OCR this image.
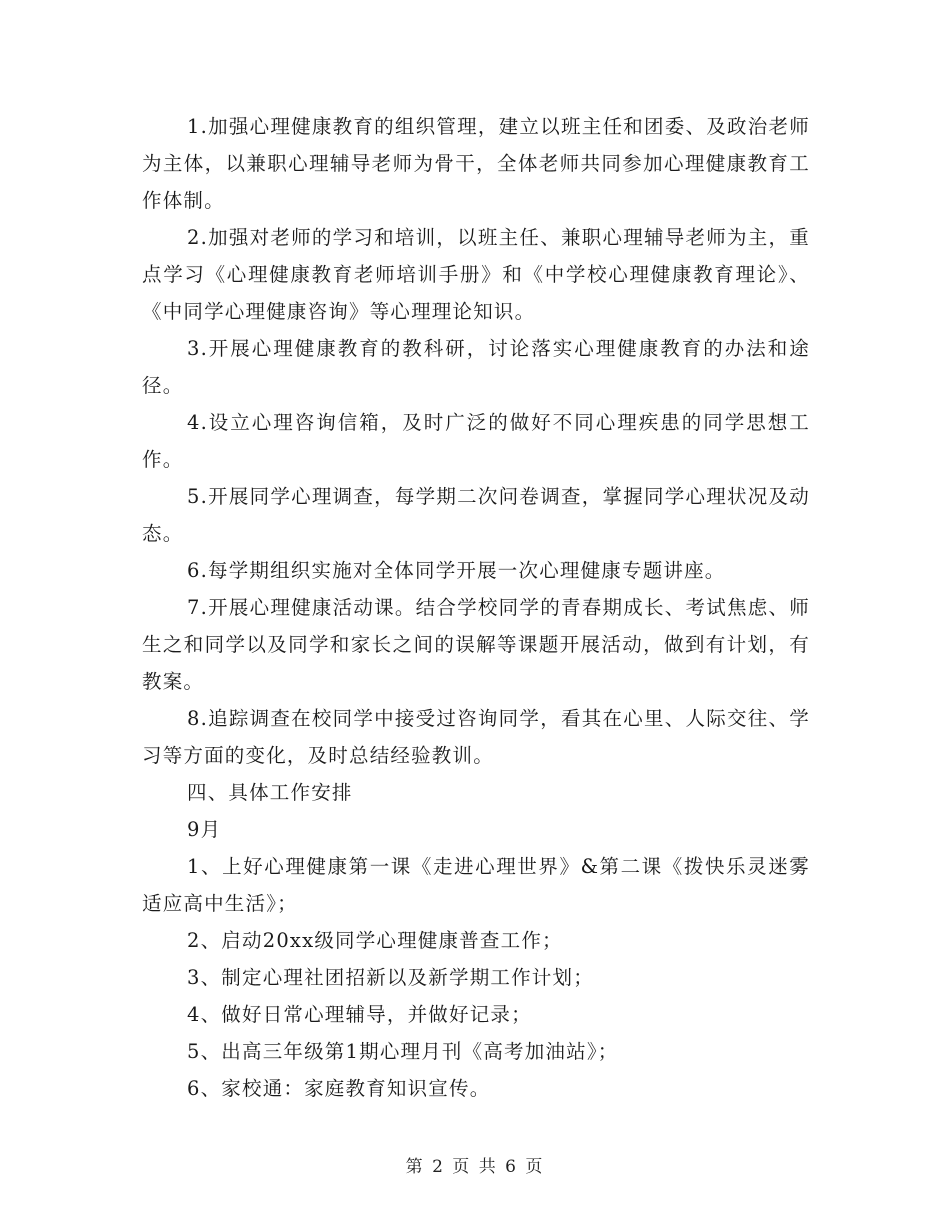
1.加强心理健康教育的组织管理，建立以班主任和团委、及政治老师为主体，以兼职心理辅导老师为骨干，全体老师共同参加心理健康教育工作体制。

2.加强对老师的学习和培训，以班主任、兼职心理辅导老师为主，重点学习《心理健康教育老师培训手册》和《中学校心理健康教育理论》、《中同学心理健康咨询》等心理理论知识。

3.开展心理健康教育的教科研，讨论落实心理健康教育的办法和途径。

4.设立心理咨询信箱，及时广泛的做好不同心理疾患的同学思想工作。

5.开展同学心理调查，每学期二次问卷调查，掌握同学心理状况及动态。

6.每学期组织实施对全体同学开展一次心理健康专题讲座。

7.开展心理健康活动课。结合学校同学的青春期成长、考试焦虑、师生之和同学以及同学和家长之间的误解等课题开展活动，做到有计划，有教案。

8.追踪调查在校同学中接受过咨询同学，看其在心里、人际交往、学习等方面的变化，及时总结经验教训。

四、具体工作安排

9月

1、上好心理健康第一课《走进心理世界》&第二课《拨快乐灵迷雾 适应高中生活》；

2、启动20xx级同学心理健康普查工作；

3、制定心理社团招新以及新学期工作计划；

4、做好日常心理辅导，并做好记录；

5、出高三年级第1期心理月刊《高考加油站》；

6、家校通：家庭教育知识宣传。

第 2 页 共 6 页
